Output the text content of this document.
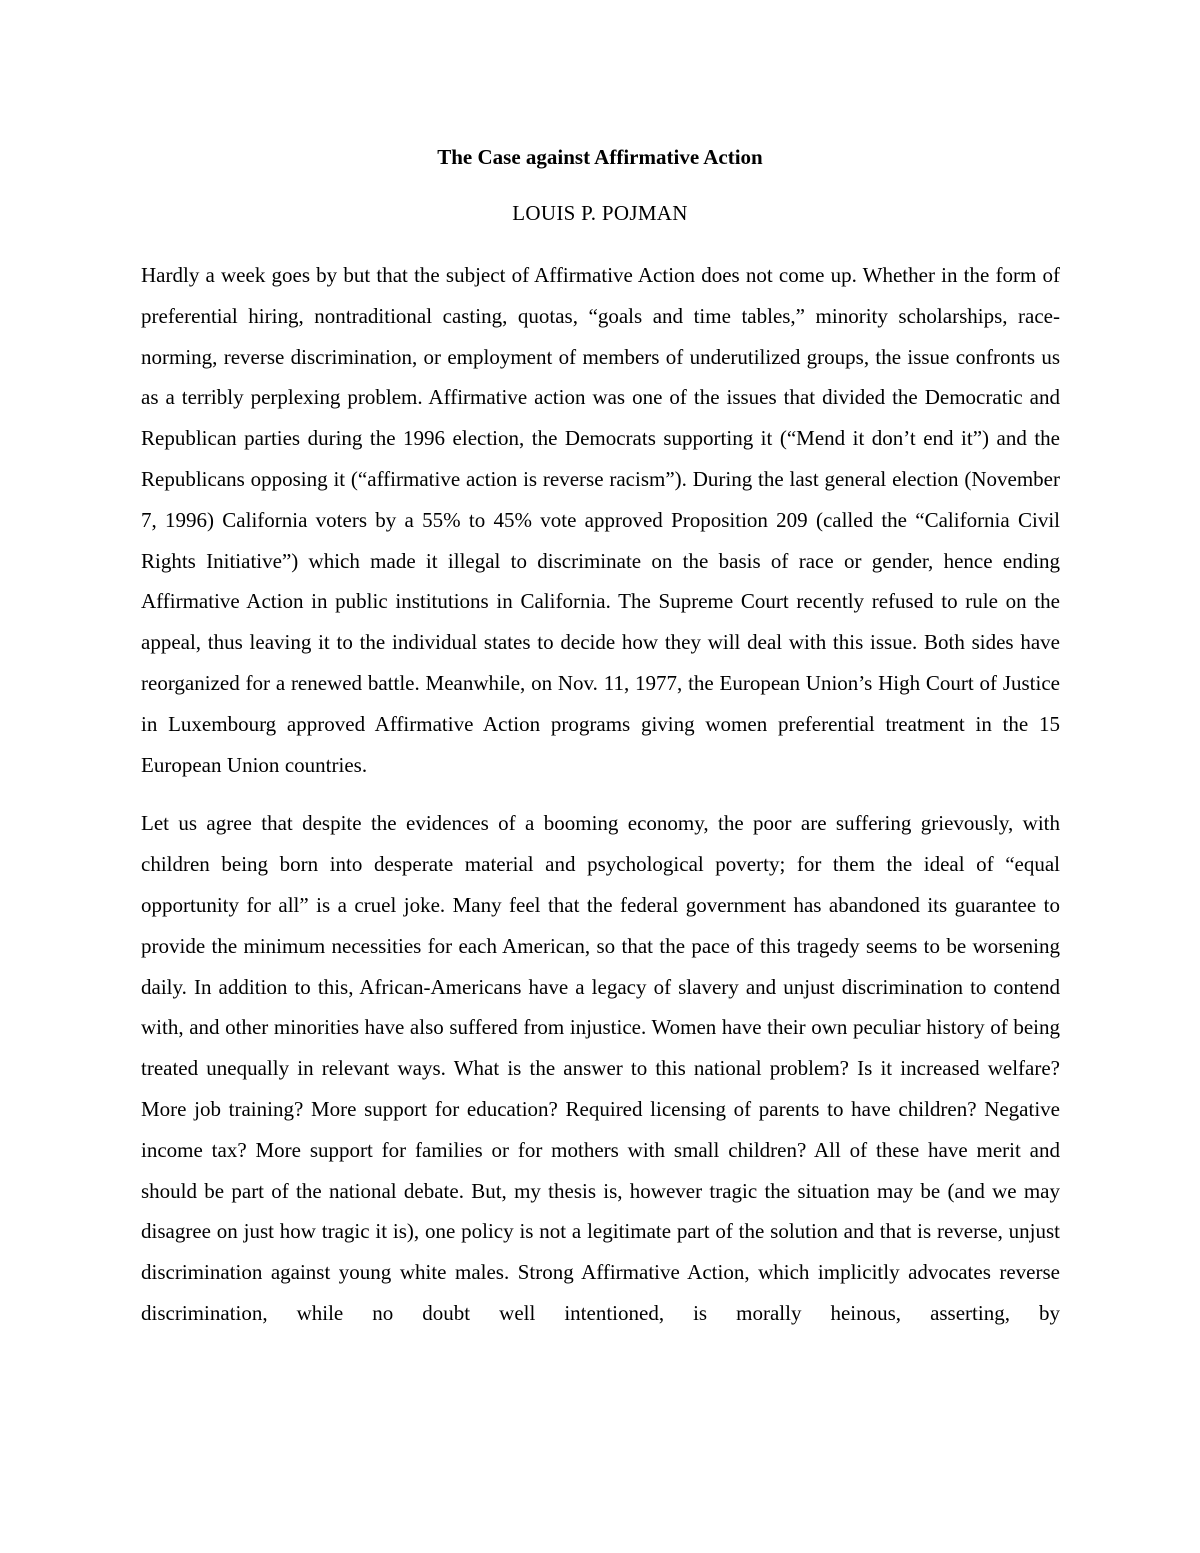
The Case against Affirmative Action
LOUIS P. POJMAN

Hardly a week goes by but that the subject of Affirmative Action does not come up. Whether in the form of preferential hiring, nontraditional casting, quotas, “goals and time tables,” minority scholarships, race-norming, reverse discrimination, or employment of members of underutilized groups, the issue confronts us as a terribly perplexing problem. Affirmative action was one of the issues that divided the Democratic and Republican parties during the 1996 election, the Democrats supporting it (“Mend it don’t end it”) and the Republicans opposing it (“affirmative action is reverse racism”). During the last general election (November 7, 1996) California voters by a 55% to 45% vote approved Proposition 209 (called the “California Civil Rights Initiative”) which made it illegal to discriminate on the basis of race or gender, hence ending Affirmative Action in public institutions in California. The Supreme Court recently refused to rule on the appeal, thus leaving it to the individual states to decide how they will deal with this issue. Both sides have reorganized for a renewed battle. Meanwhile, on Nov. 11, 1977, the European Union’s High Court of Justice in Luxembourg approved Affirmative Action programs giving women preferential treatment in the 15 European Union countries.

Let us agree that despite the evidences of a booming economy, the poor are suffering grievously, with children being born into desperate material and psychological poverty; for them the ideal of “equal opportunity for all” is a cruel joke. Many feel that the federal government has abandoned its guarantee to provide the minimum necessities for each American, so that the pace of this tragedy seems to be worsening daily. In addition to this, African-Americans have a legacy of slavery and unjust discrimination to contend with, and other minorities have also suffered from injustice. Women have their own peculiar history of being treated unequally in relevant ways. What is the answer to this national problem? Is it increased welfare? More job training? More support for education? Required licensing of parents to have children? Negative income tax? More support for families or for mothers with small children? All of these have merit and should be part of the national debate. But, my thesis is, however tragic the situation may be (and we may disagree on just how tragic it is), one policy is not a legitimate part of the solution and that is reverse, unjust discrimination against young white males. Strong Affirmative Action, which implicitly advocates reverse discrimination, while no doubt well intentioned, is morally heinous, asserting, by
